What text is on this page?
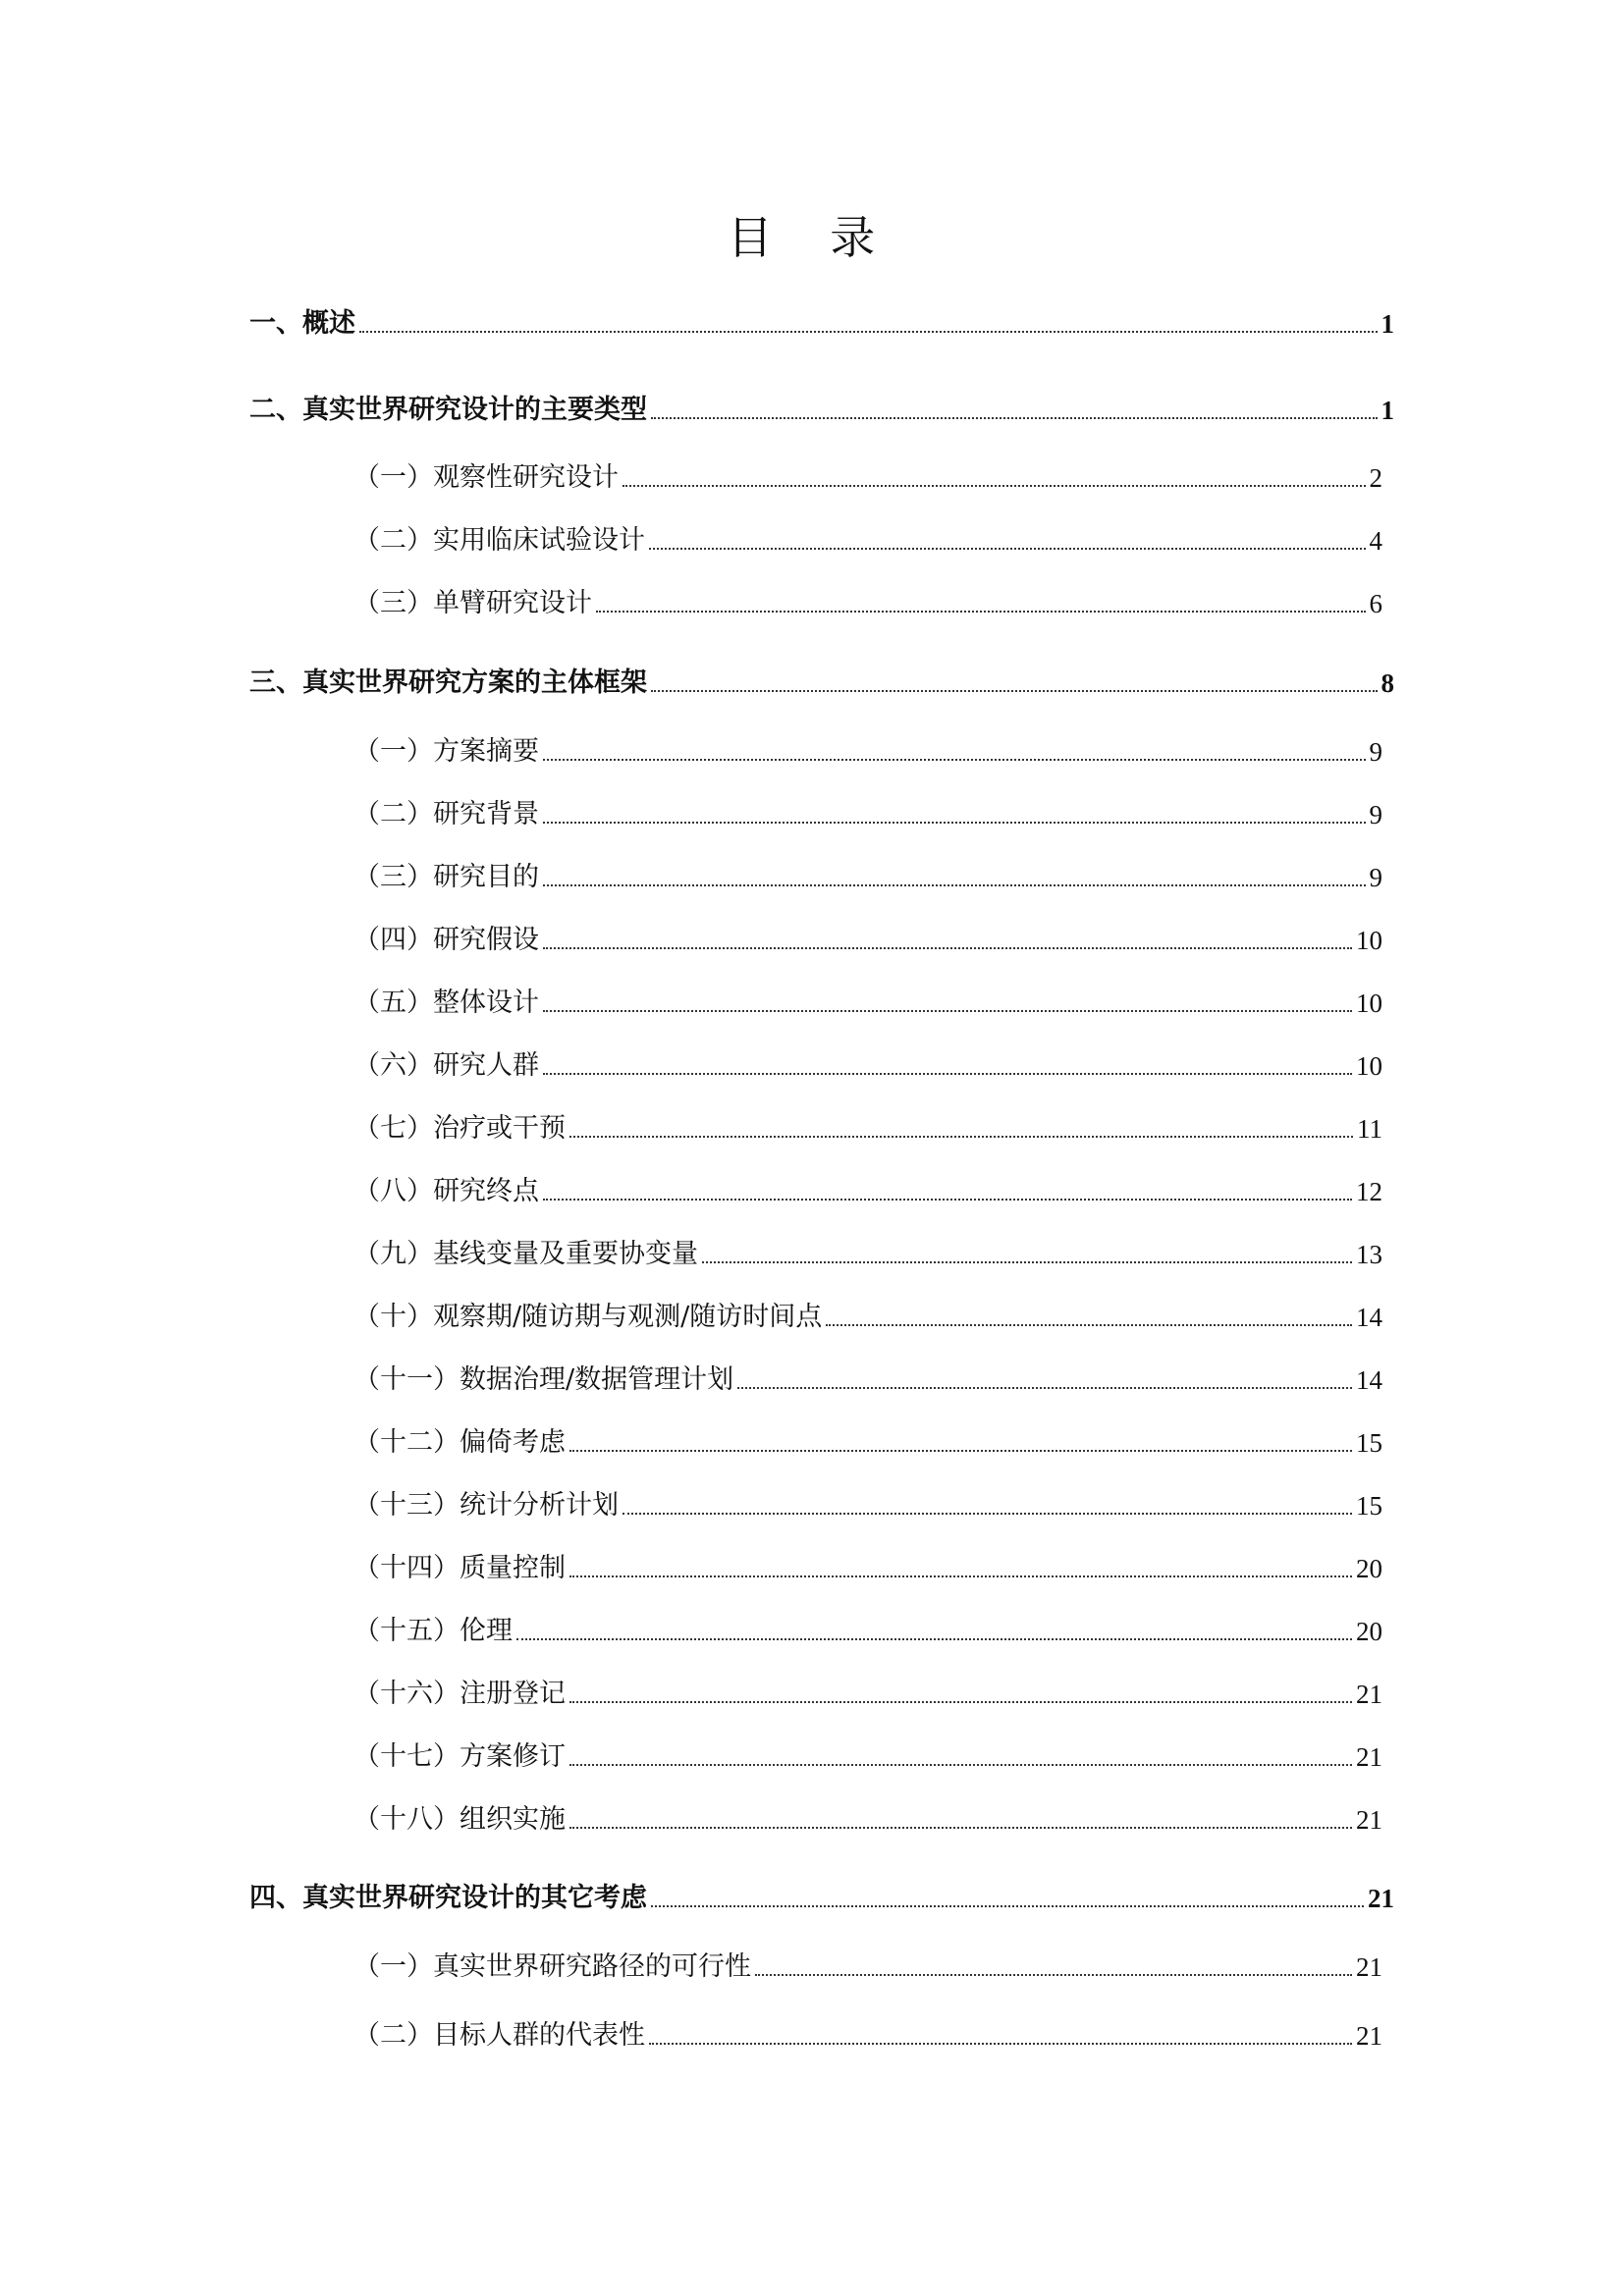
目 录
一、概述	1
二、真实世界研究设计的主要类型	1
（一）观察性研究设计	2
（二）实用临床试验设计	4
（三）单臂研究设计	6
三、真实世界研究方案的主体框架	8
（一）方案摘要	9
（二）研究背景	9
（三）研究目的	9
（四）研究假设	10
（五）整体设计	10
（六）研究人群	10
（七）治疗或干预	11
（八）研究终点	12
（九）基线变量及重要协变量	13
（十）观察期/随访期与观测/随访时间点	14
（十一）数据治理/数据管理计划	14
（十二）偏倚考虑	15
（十三）统计分析计划	15
（十四）质量控制	20
（十五）伦理	20
（十六）注册登记	21
（十七）方案修订	21
（十八）组织实施	21
四、真实世界研究设计的其它考虑	21
（一）真实世界研究路径的可行性	21
（二）目标人群的代表性	21
